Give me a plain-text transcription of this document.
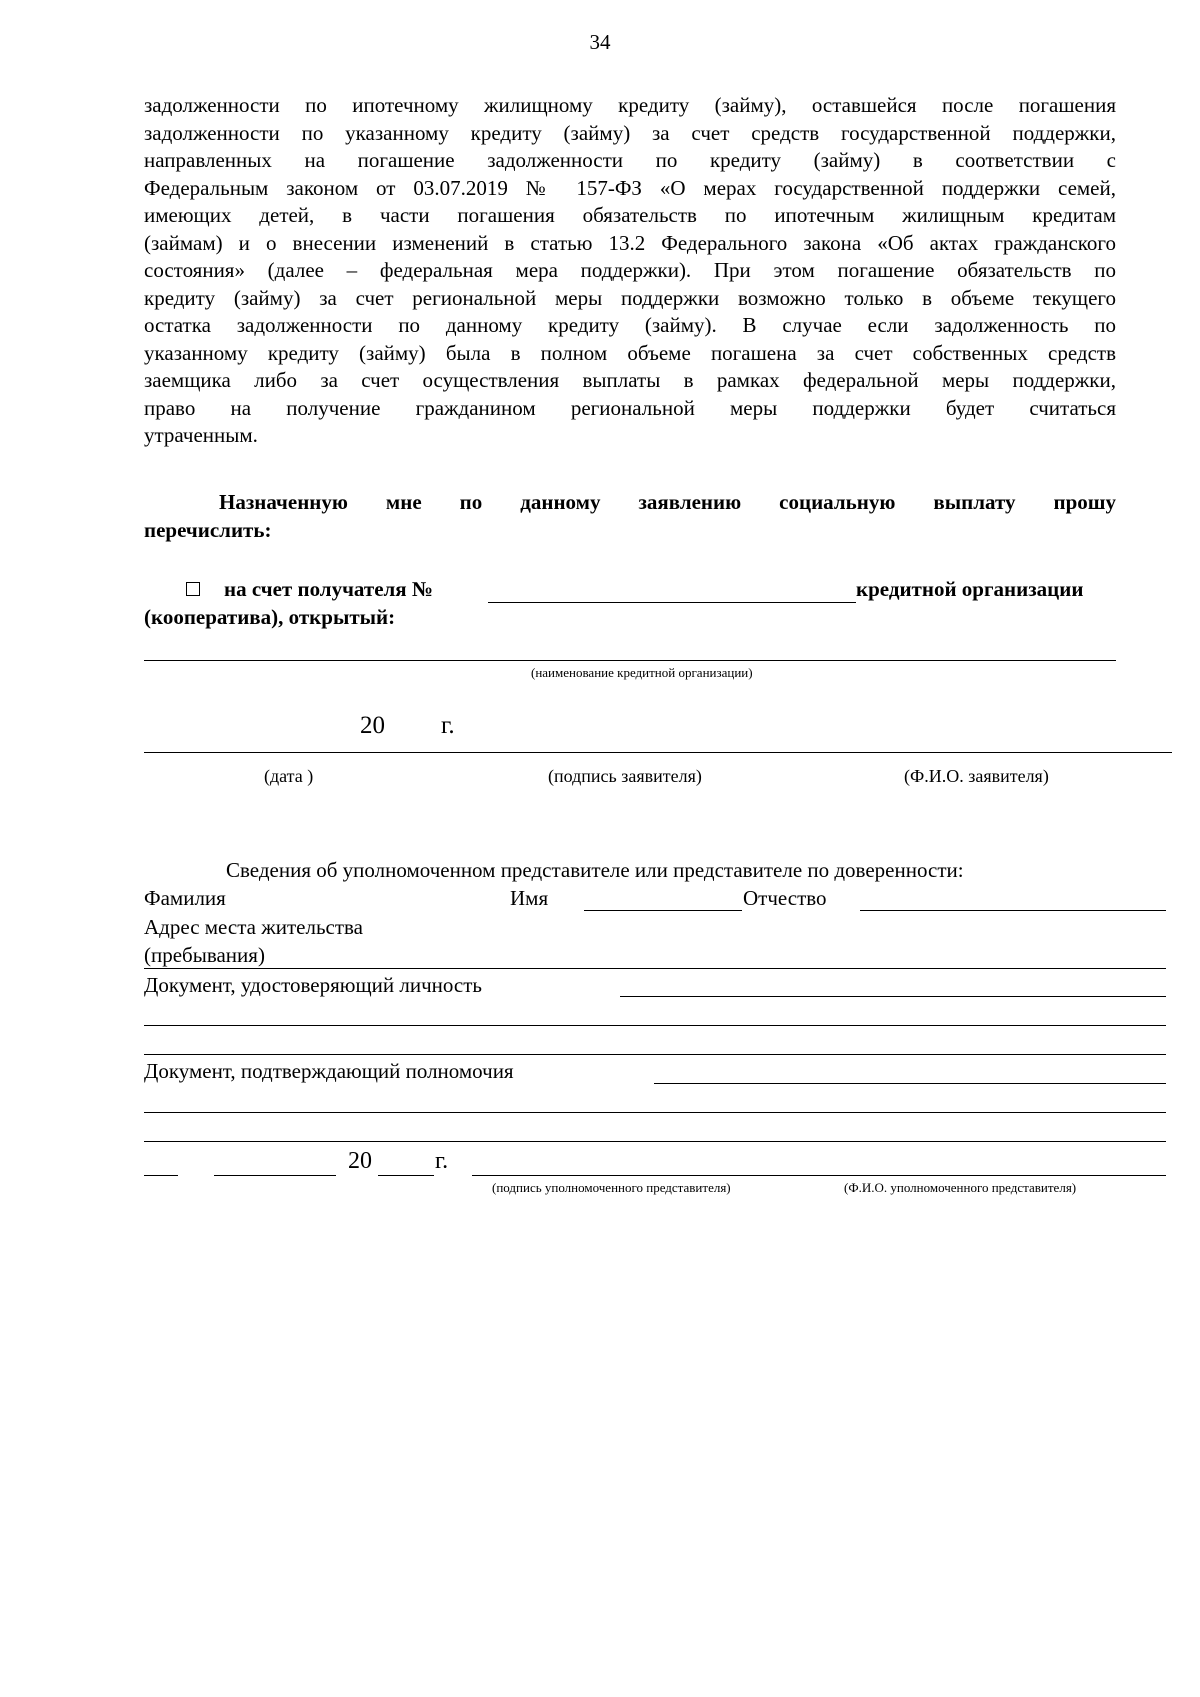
34
задолженности по ипотечному жилищному кредиту (займу), оставшейся после погашения
задолженности по указанному кредиту (займу) за счет средств государственной поддержки,
направленных на погашение задолженности по кредиту (займу) в соответствии с
Федеральным законом от 03.07.2019 № 157-ФЗ «О мерах государственной поддержки семей,
имеющих детей, в части погашения обязательств по ипотечным жилищным кредитам
(займам) и о внесении изменений в статью 13.2 Федерального закона «Об актах гражданского
состояния» (далее – федеральная мера поддержки). При этом погашение обязательств по
кредиту (займу) за счет региональной меры поддержки возможно только в объеме текущего
остатка задолженности по данному кредиту (займу). В случае если задолженность по
указанному кредиту (займу) была в полном объеме погашена за счет собственных средств
заемщика либо за счет осуществления выплаты в рамках федеральной меры поддержки,
право на получение гражданином региональной меры поддержки будет считаться
утраченным.
Назначенную мне по данному заявлению социальную выплату прошу
перечислить:
на счет получателя №	кредитной организации
(кооператива), открытый:
(наименование кредитной организации)
20 г.
(дата )	(подпись заявителя)	(Ф.И.О. заявителя)
Сведения об уполномоченном представителе или представителе по доверенности:
Фамилия	Имя	Отчество
Адрес места жительства
(пребывания)
Документ, удостоверяющий личность
Документ, подтверждающий полномочия
20	г.
(подпись уполномоченного представителя)	(Ф.И.О. уполномоченного представителя)
